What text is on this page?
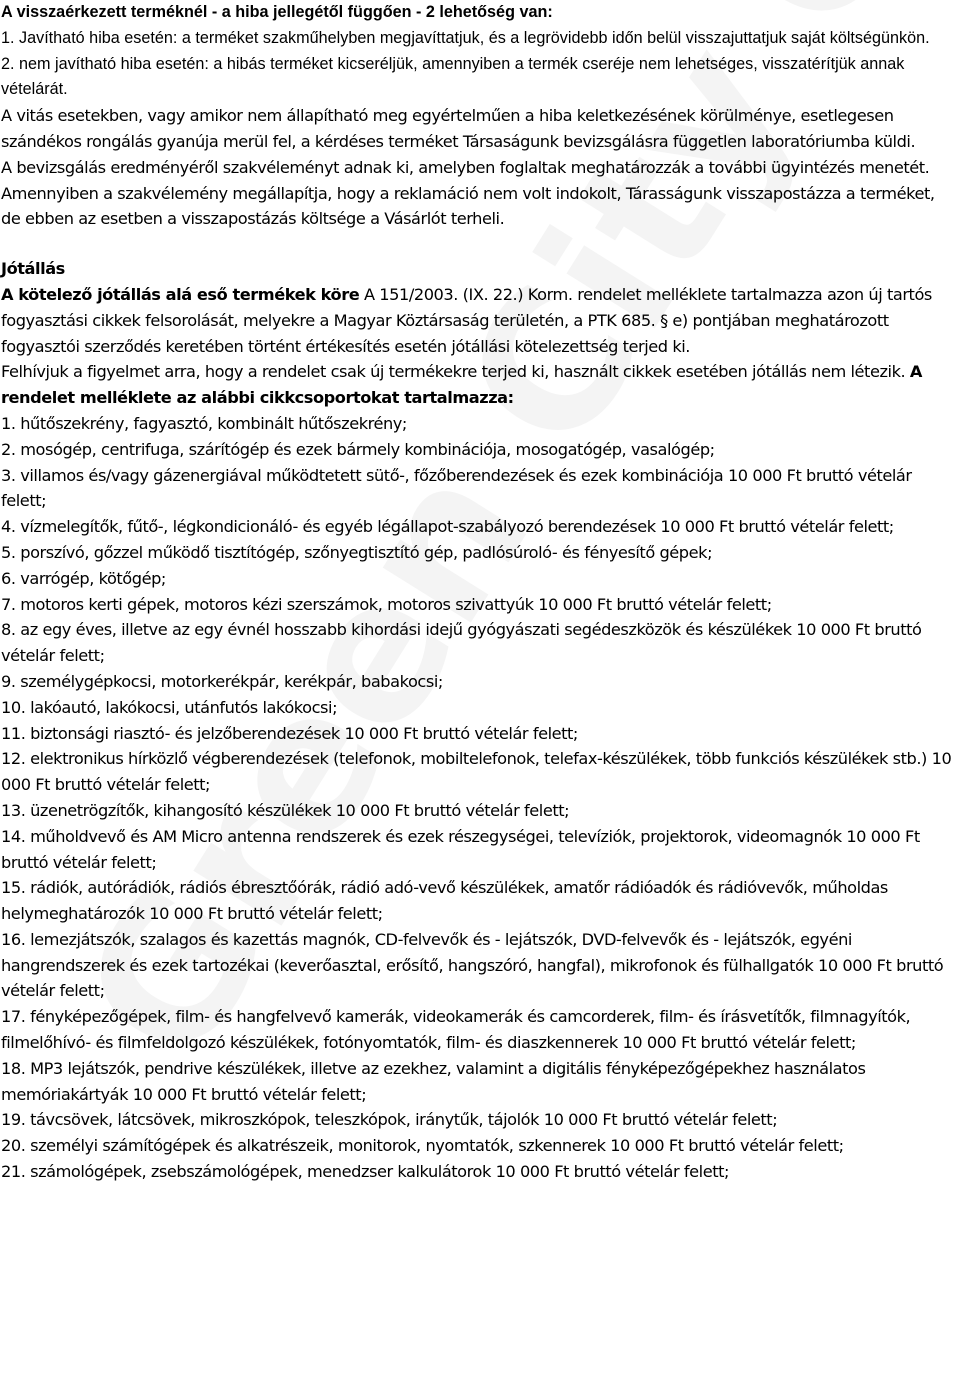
A visszaérkezett terméknél - a hiba jellegétől függően - 2 lehetőség van:

1. Javítható hiba esetén: a terméket szakműhelyben megjavíttatjuk, és a legrövidebb időn belül visszajuttatjuk saját költségünkön.

2. nem javítható hiba esetén: a hibás terméket kicseréljük, amennyiben a termék cseréje nem lehetséges, visszatérítjük annak vételárát.

A vitás esetekben, vagy amikor nem állapítható meg egyértelműen a hiba keletkezésének körülménye, esetlegesen szándékos rongálás gyanúja merül fel, a kérdéses terméket Társaságunk bevizsgálásra független laboratóriumba küldi.

A bevizsgálás eredményéről szakvéleményt adnak ki, amelyben foglaltak meghatározzák a további ügyintézés menetét.

Amennyiben a szakvélemény megállapítja, hogy a reklamáció nem volt indokolt, Tárasságunk visszapostázza a terméket, de ebben az esetben a visszapostázás költsége a Vásárlót terheli.

Jótállás

A kötelező jótállás alá eső termékek köre A 151/2003. (IX. 22.) Korm. rendelet melléklete tartalmazza azon új tartós fogyasztási cikkek felsorolását, melyekre a Magyar Köztársaság területén, a PTK 685. § e) pontjában meghatározott fogyasztói szerződés keretében történt értékesítés esetén jótállási kötelezettség terjed ki.

Felhívjuk a figyelmet arra, hogy a rendelet csak új termékekre terjed ki, használt cikkek esetében jótállás nem létezik. A rendelet melléklete az alábbi cikkcsoportokat tartalmazza:

1. hűtőszekrény, fagyasztó, kombinált hűtőszekrény;

2. mosógép, centrifuga, szárítógép és ezek bármely kombinációja, mosogatógép, vasalógép;

3. villamos és/vagy gázenergiával működtetett sütő-, főzőberendezések és ezek kombinációja 10 000 Ft bruttó vételár felett;

4. vízmelegítők, fűtő-, légkondicionáló- és egyéb légállapot-szabályozó berendezések 10 000 Ft bruttó vételár felett;

5. porszívó, gőzzel működő tisztítógép, szőnyegtisztító gép, padlósúroló- és fényesítő gépek;

6. varrógép, kötőgép;

7. motoros kerti gépek, motoros kézi szerszámok, motoros szivattyúk 10 000 Ft bruttó vételár felett;

8. az egy éves, illetve az egy évnél hosszabb kihordási idejű gyógyászati segédeszközök és készülékek 10 000 Ft bruttó vételár felett;

9. személygépkocsi, motorkerékpár, kerékpár, babakocsi;

10. lakóautó, lakókocsi, utánfutós lakókocsi;

11. biztonsági riasztó- és jelzőberendezések 10 000 Ft bruttó vételár felett;

12. elektronikus hírközlő végberendezések (telefonok, mobiltelefonok, telefax-készülékek, több funkciós készülékek stb.) 10 000 Ft bruttó vételár felett;

13. üzenetrögzítők, kihangosító készülékek 10 000 Ft bruttó vételár felett;

14. műholdvevő és AM Micro antenna rendszerek és ezek részegységei, televíziók, projektorok, videomagnók 10 000 Ft bruttó vételár felett;

15. rádiók, autórádiók, rádiós ébresztőórák, rádió adó-vevő készülékek, amatőr rádióadók és rádióvevők, műholdas helymeghatározók 10 000 Ft bruttó vételár felett;

16. lemezjátszók, szalagos és kazettás magnók, CD-felvevők és - lejátszók, DVD-felvevők és - lejátszók, egyéni hangrendszerek és ezek tartozékai (keverőasztal, erősítő, hangszóró, hangfal), mikrofonok és fülhallgatók 10 000 Ft bruttó vételár felett;

17. fényképezőgépek, film- és hangfelvevő kamerák, videokamerák és camcorderek, film- és írásvetítők, filmnagyítók, filmelőhívó- és filmfeldolgozó készülékek, fotónyomtatók, film- és diaszkennerek 10 000 Ft bruttó vételár felett;

18. MP3 lejátszók, pendrive készülékek, illetve az ezekhez, valamint a digitális fényképezőgépekhez használatos memóriakártyák 10 000 Ft bruttó vételár felett;

19. távcsövek, látcsövek, mikroszkópok, teleszkópok, iránytűk, tájolók 10 000 Ft bruttó vételár felett;

20. személyi számítógépek és alkatrészeik, monitorok, nyomtatók, szkennerek 10 000 Ft bruttó vételár felett;

21. számológépek, zsebszámológépek, menedzser kalkulátorok 10 000 Ft bruttó vételár felett;
